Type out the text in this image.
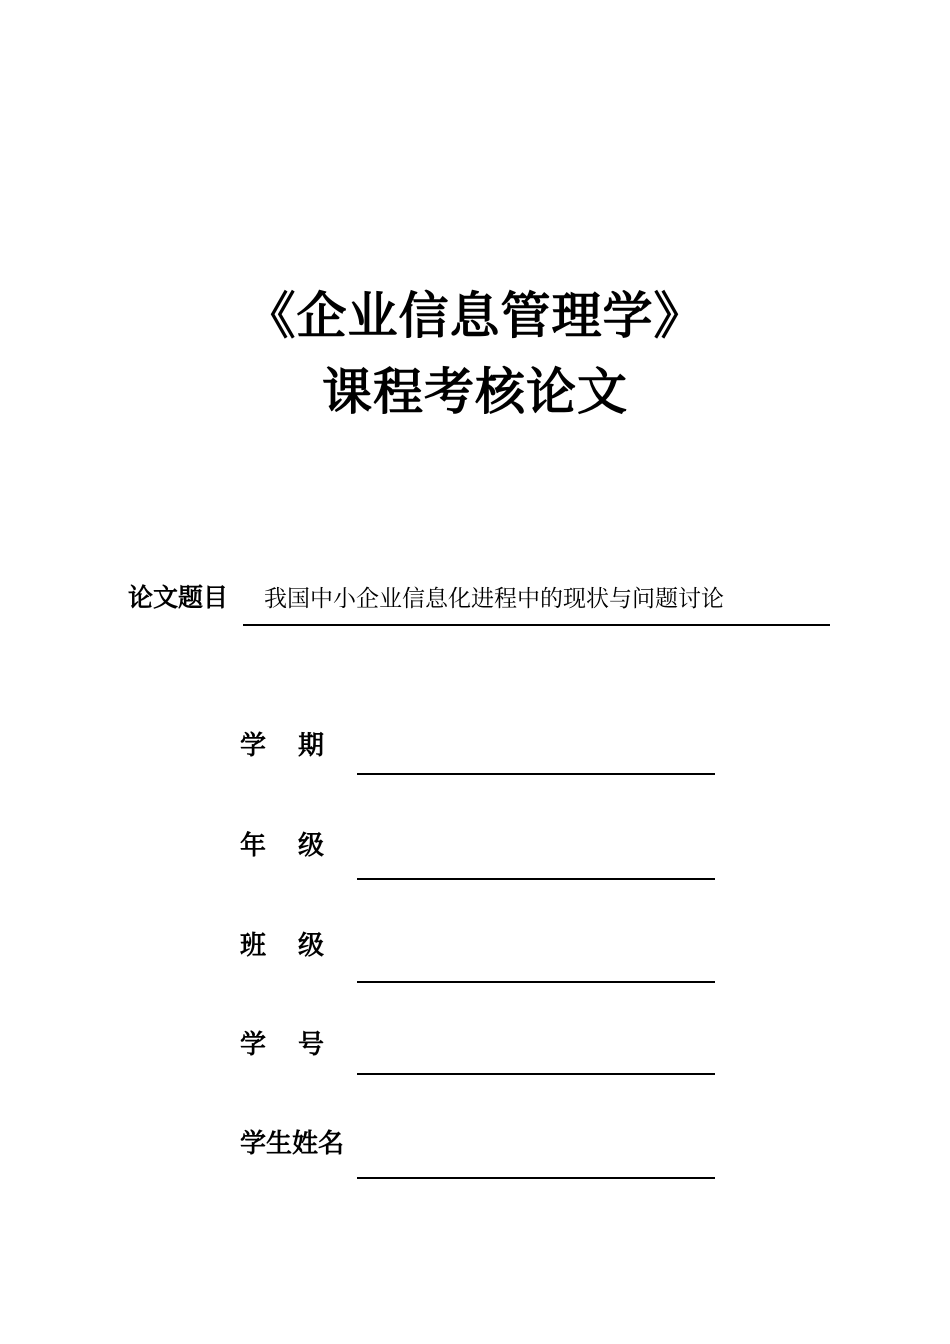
《企业信息管理学》
课程考核论文
论文题目 我国中小企业信息化进程中的现状与问题讨论
学 期
年 级
班 级
学 号
学生姓名
